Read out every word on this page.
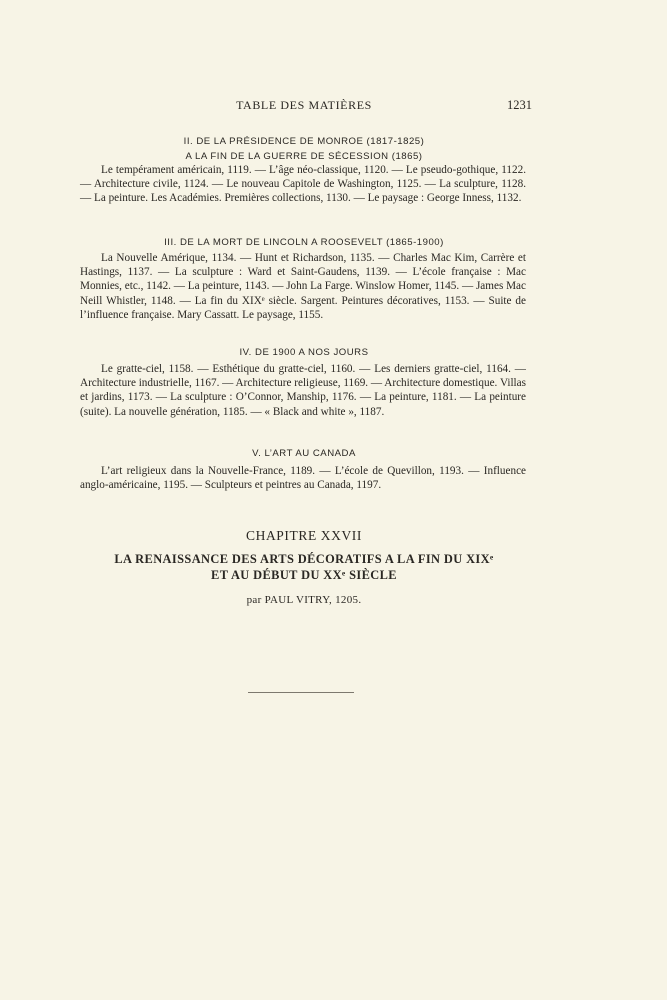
TABLE DES MATIÈRES	1231
II. DE LA PRÉSIDENCE DE MONROE (1817-1825)
A LA FIN DE LA GUERRE DE SÉCESSION (1865)

Le tempérament américain, 1119. — L’âge néo-classique, 1120. — Le pseudo-gothique, 1122. — Architecture civile, 1124. — Le nouveau Capitole de Washington, 1125. — La sculpture, 1128. — La peinture. Les Académies. Premières collections, 1130. — Le paysage : George Inness, 1132.

III. DE LA MORT DE LINCOLN A ROOSEVELT (1865-1900)

La Nouvelle Amérique, 1134. — Hunt et Richardson, 1135. — Charles Mac Kim, Carrère et Hastings, 1137. — La sculpture : Ward et Saint-Gaudens, 1139. — L’école française : Mac Monnies, etc., 1142. — La peinture, 1143. — John La Farge. Winslow Homer, 1145. — James Mac Neill Whistler, 1148. — La fin du XIXᵉ siècle. Sargent. Peintures décoratives, 1153. — Suite de l’influence française. Mary Cassatt. Le paysage, 1155.

IV. DE 1900 A NOS JOURS

Le gratte-ciel, 1158. — Esthétique du gratte-ciel, 1160. — Les derniers gratte-ciel, 1164. — Architecture industrielle, 1167. — Architecture religieuse, 1169. — Architecture domestique. Villas et jardins, 1173. — La sculpture : O’Connor, Manship, 1176. — La peinture, 1181. — La peinture (suite). La nouvelle génération, 1185. — « Black and white », 1187.

V. L’ART AU CANADA

L’art religieux dans la Nouvelle-France, 1189. — L’école de Quevillon, 1193. — Influence anglo-américaine, 1195. — Sculpteurs et peintres au Canada, 1197.

CHAPITRE XXVII
LA RENAISSANCE DES ARTS DÉCORATIFS A LA FIN DU XIXᵉ
ET AU DÉBUT DU XXᵉ SIÈCLE
par PAUL VITRY, 1205.
